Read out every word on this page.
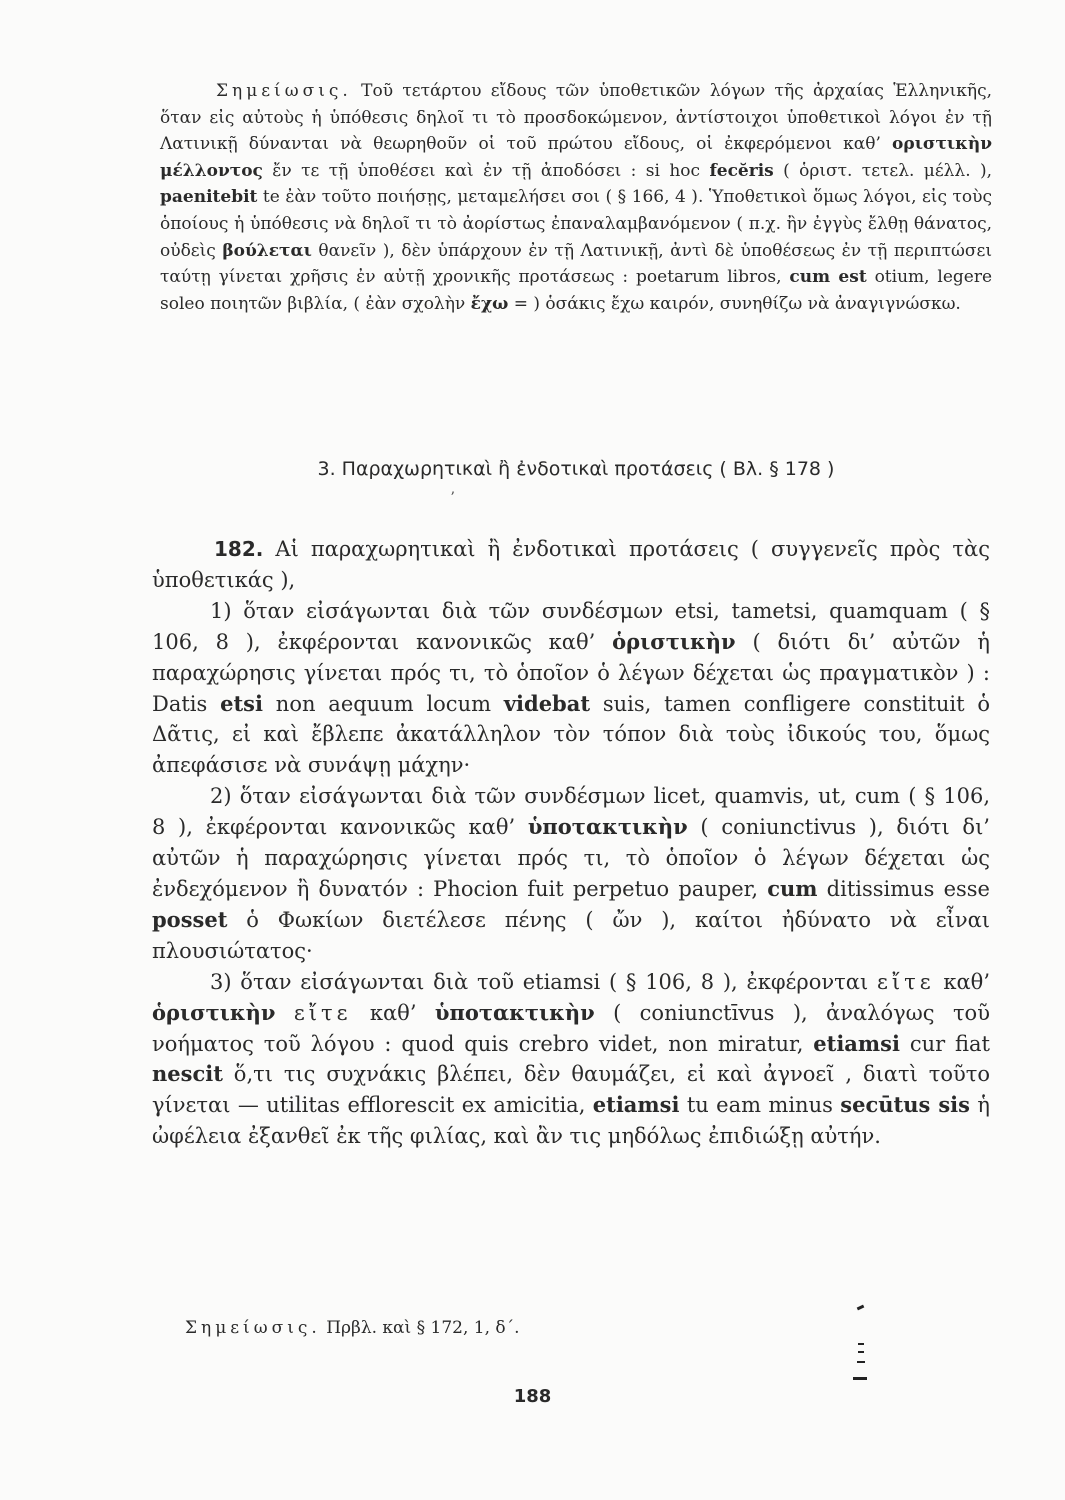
Σημείωσις. Τοῦ τετάρτου εἴδους τῶν ὑποθετικῶν λόγων τῆς ἀρχαίας Ἑλληνικῆς, ὅταν εἰς αὐτοὺς ἡ ὑπόθεσις δηλοῖ τι τὸ προσδοκώμενον, ἀντίστοιχοι ὑποθετικοὶ λόγοι ἐν τῇ Λατινικῇ δύνανται νὰ θεωρηθοῦν οἱ τοῦ πρώτου εἴδους, οἱ ἐκφερόμενοι καθ’ οριστικὴν μέλλοντος ἔν τε τῇ ὑποθέσει καὶ ἐν τῇ ἀποδόσει : si hoc fecĕris ( ὁριστ. τετελ. μέλλ. ), paenitebit te ἐὰν τοῦτο ποιήσῃς, μεταμελήσει σοι ( § 166, 4 ). Ὑποθετικοὶ ὅμως λόγοι, εἰς τοὺς ὁποίους ἡ ὑπόθεσις νὰ δηλοῖ τι τὸ ἀορίστως ἐπαναλαμβανόμενον ( π.χ. ἢν ἐγγὺς ἔλθῃ θάνατος, οὐδεὶς βούλεται θανεῖν ), δὲν ὑπάρχουν ἐν τῇ Λατινικῇ, ἀντὶ δὲ ὑποθέσεως ἐν τῇ περιπτώσει ταύτῃ γίνεται χρῆσις ἐν αὐτῇ χρονικῆς προτάσεως : poetarum libros, cum est otium, legere soleo ποιητῶν βιβλία, ( ἐὰν σχολὴν ἔχω = ) ὁσάκις ἔχω καιρόν, συνηθίζω νὰ ἀναγιγνώσκω.

3. Παραχωρητικαὶ ἢ ἐνδοτικαὶ προτάσεις ( Βλ. § 178 )
ʼ

182. Αἱ παραχωρητικαὶ ἢ ἐνδοτικαὶ προτάσεις ( συγγενεῖς πρὸς τὰς ὑποθετικάς ),

1) ὅταν εἰσάγωνται διὰ τῶν συνδέσμων etsi, tametsi, quamquam ( § 106, 8 ), ἐκφέρονται κανονικῶς καθ’ ὁριστικὴν ( διότι δι’ αὐτῶν ἡ παραχώρησις γίνεται πρός τι, τὸ ὁποῖον ὁ λέγων δέχεται ὡς πραγματικὸν ) : Datis etsi non aequum locum videbat suis, tamen confligere constituit ὁ Δᾶτις, εἰ καὶ ἔβλεπε ἀκατάλληλον τὸν τόπον διὰ τοὺς ἰδικούς του, ὅμως ἀπεφάσισε νὰ συνάψῃ μάχην·

2) ὅταν εἰσάγωνται διὰ τῶν συνδέσμων licet, quamvis, ut, cum ( § 106, 8 ), ἐκφέρονται κανονικῶς καθ’ ὑποτακτικὴν ( coniunctivus ), διότι δι’ αὐτῶν ἡ παραχώρησις γίνεται πρός τι, τὸ ὁποῖον ὁ λέγων δέχεται ὡς ἐνδεχόμενον ἢ δυνατόν : Phocion fuit perpetuo pauper, cum ditissimus esse posset ὁ Φωκίων διετέλεσε πένης ( ὤν ), καίτοι ἠδύνατο νὰ εἶναι πλουσιώτατος·

3) ὅταν εἰσάγωνται διὰ τοῦ etiamsi ( § 106, 8 ), ἐκφέρονται εἴτε καθ’ ὁριστικὴν εἴτε καθ’ ὑποτακτικὴν ( coniunctīvus ), ἀναλόγως τοῦ νοήματος τοῦ λόγου : quod quis crebro videt, non miratur, etiamsi cur fiat nescit ὅ,τι τις συχνάκις βλέπει, δὲν θαυμάζει, εἰ καὶ ἀγνοεῖ , διατὶ τοῦτο γίνεται — utilitas efflorescit ex amicitia, etiamsi tu eam minus secūtus sis ἡ ὠφέλεια ἐξανθεῖ ἐκ τῆς φιλίας, καὶ ἂν τις μηδόλως ἐπιδιώξῃ αὐτήν.

Σημείωσις. Πρβλ. καὶ § 172, 1, δ΄.
188
